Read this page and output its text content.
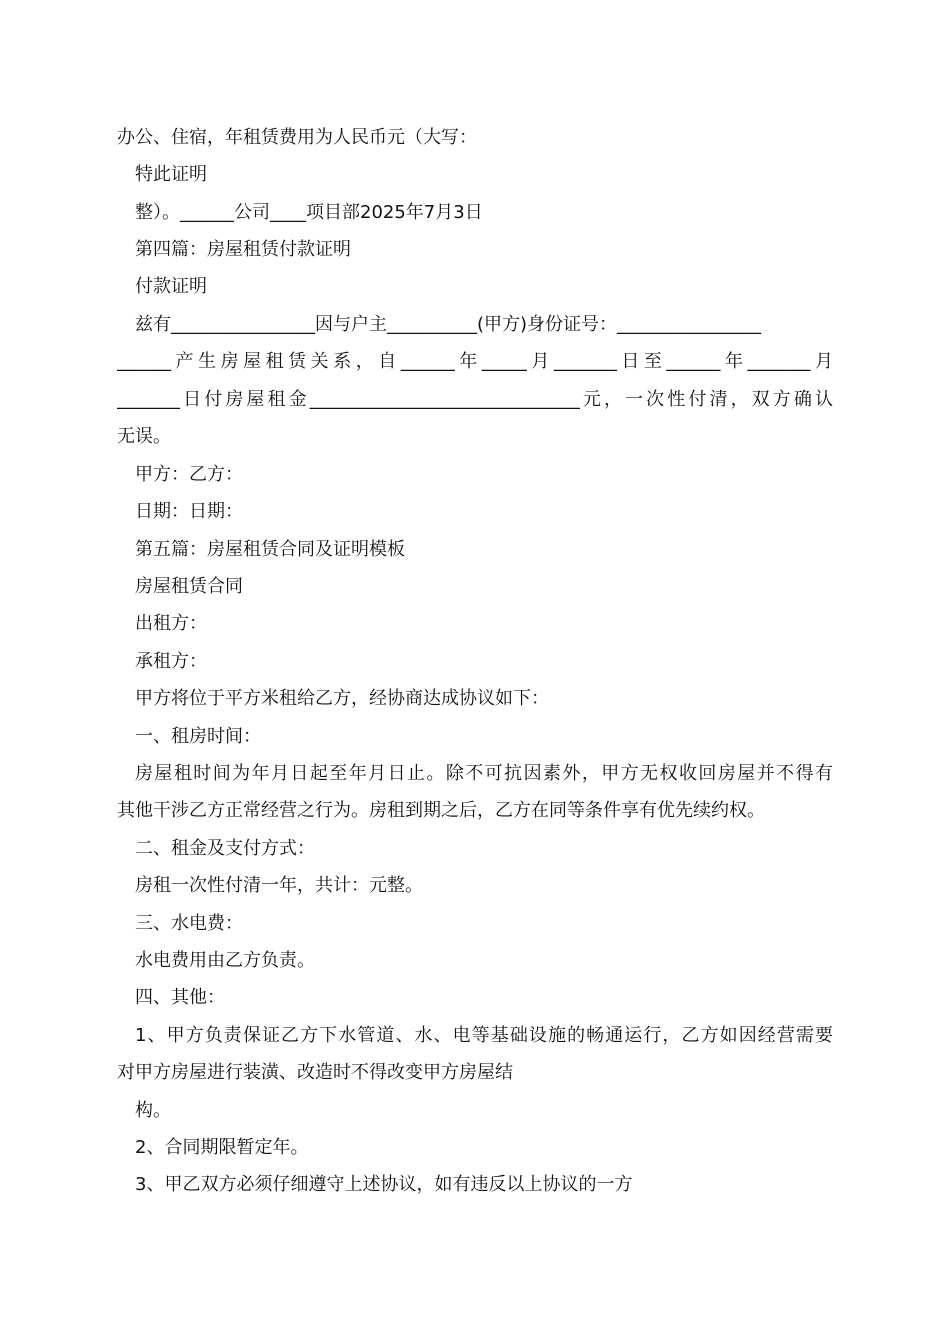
办公、住宿，年租赁费用为人民币元（大写：
特此证明
整）。______公司____项目部2025年7月3日
第四篇：房屋租赁付款证明
付款证明
兹有________________因与户主__________(甲方)身份证号：________________
______产生房屋租赁关系，自______年_____月_______日至______年_______月
_______日付房屋租金______________________________元，一次性付清，双方确认
无误。
甲方：乙方：
日期：日期：
第五篇：房屋租赁合同及证明模板
房屋租赁合同
出租方：
承租方：
甲方将位于平方米租给乙方，经协商达成协议如下：
一、租房时间：
房屋租时间为年月日起至年月日止。除不可抗因素外，甲方无权收回房屋并不得有
其他干涉乙方正常经营之行为。房租到期之后，乙方在同等条件享有优先续约权。
二、租金及支付方式：
房租一次性付清一年，共计：元整。
三、水电费：
水电费用由乙方负责。
四、其他：
1、甲方负责保证乙方下水管道、水、电等基础设施的畅通运行，乙方如因经营需要
对甲方房屋进行装潢、改造时不得改变甲方房屋结
构。
2、合同期限暂定年。
3、甲乙双方必须仔细遵守上述协议，如有违反以上协议的一方
